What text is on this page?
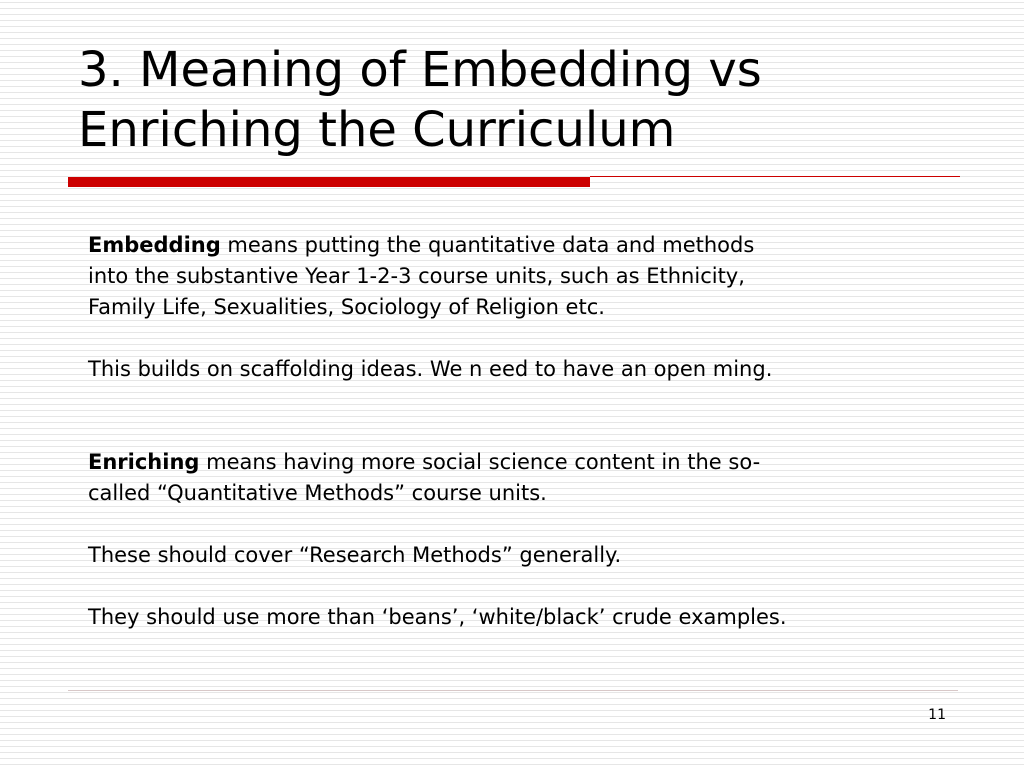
3. Meaning of Embedding vs
Enriching the Curriculum

Embedding means putting the quantitative data and methods
into the substantive Year 1-2-3 course units, such as Ethnicity,
Family Life, Sexualities, Sociology of Religion etc.

This builds on scaffolding ideas. We n eed to have an open ming.

Enriching means having more social science content in the so-
called “Quantitative Methods” course units.

These should cover “Research Methods” generally.

They should use more than ‘beans’, ‘white/black’ crude examples.

11
